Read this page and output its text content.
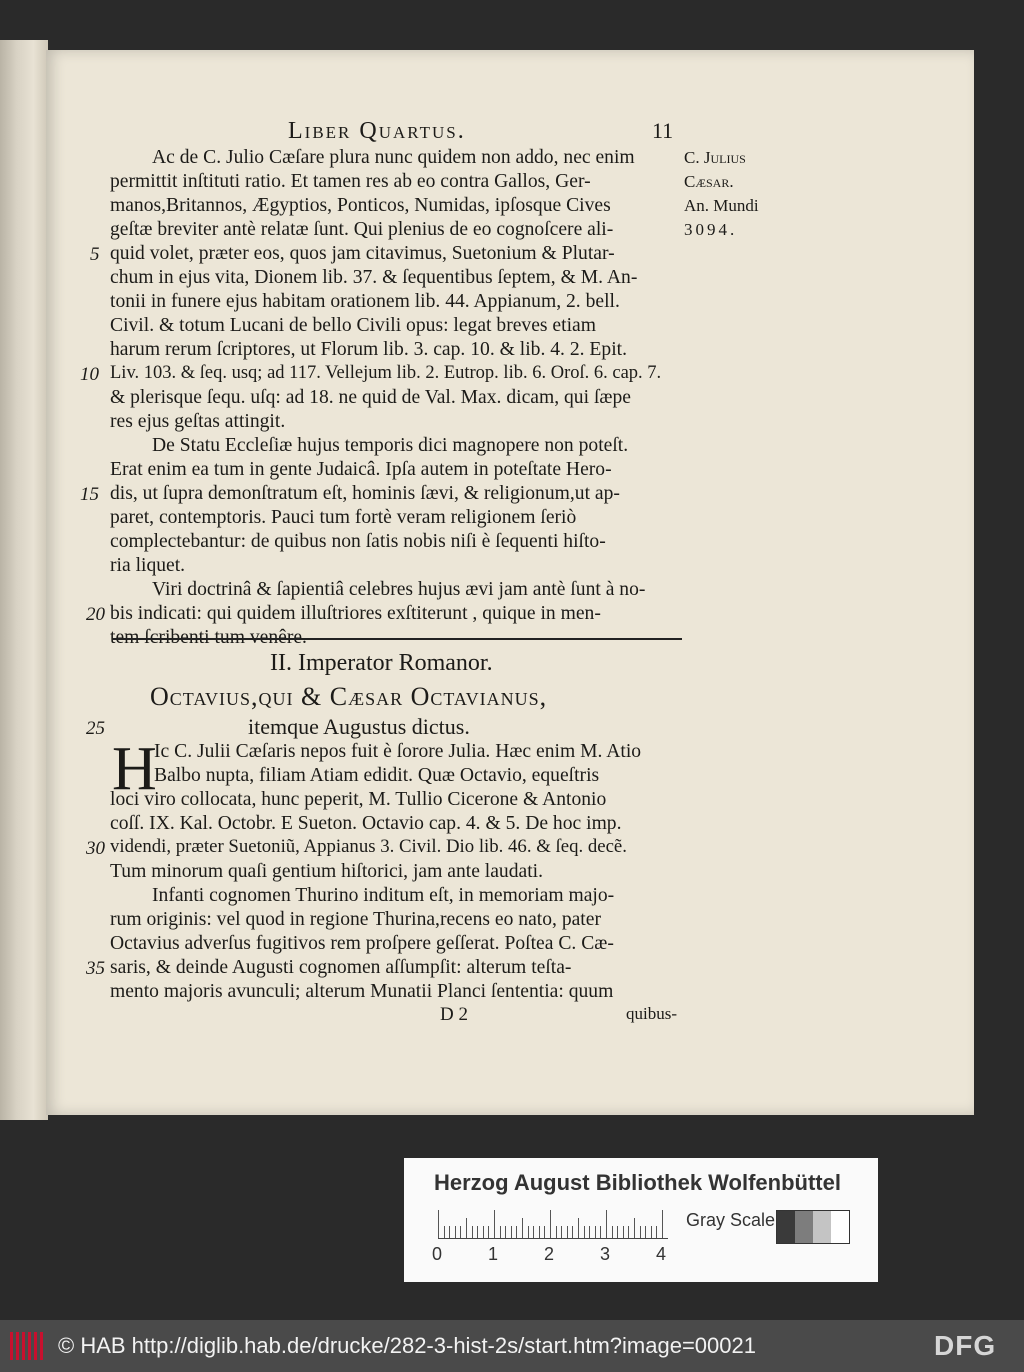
Liber Quartus.	11
C. Julius
Cæsar.
An. Mundi
3094.
Ac de C. Julio Cæſare plura nunc quidem non addo, nec enim
permittit inſtituti ratio. Et tamen res ab eo contra Gallos, Ger-
manos,Britannos, Ægyptios, Ponticos, Numidas, ipſosque Cives
geſtæ breviter antè relatæ ſunt. Qui plenius de eo cognoſcere ali-
quid volet, præter eos, quos jam citavimus, Suetonium & Plutar-
chum in ejus vita, Dionem lib. 37. & ſequentibus ſeptem, & M. An-
tonii in funere ejus habitam orationem lib. 44. Appianum, 2. bell.
Civil. & totum Lucani de bello Civili opus: legat breves etiam
harum rerum ſcriptores, ut Florum lib. 3. cap. 10. & lib. 4. 2. Epit.
Liv. 103. & ſeq. usq; ad 117. Vellejum lib. 2. Eutrop. lib. 6. Oroſ. 6. cap. 7.
& plerisque ſequ. uſq: ad 18. ne quid de Val. Max. dicam, qui ſæpe
res ejus geſtas attingit.
De Statu Eccleſiæ hujus temporis dici magnopere non poteſt.
Erat enim ea tum in gente Judaicâ. Ipſa autem in poteſtate Hero-
dis, ut ſupra demonſtratum eſt, hominis ſævi, & religionum,ut ap-
paret, contemptoris. Pauci tum fortè veram religionem ſeriò
complectebantur: de quibus non ſatis nobis niſi è ſequenti hiſto-
ria liquet.
Viri doctrinâ & ſapientiâ celebres hujus ævi jam antè ſunt à no-
bis indicati: qui quidem illuſtriores exſtiterunt , quique in men-
tem ſcribenti tum venêre.
5
10
15
20
25
30
35
II. Imperator Romanor.
Octavius,qui & Cæsar Octavianus,
itemque Augustus dictus.
H
Ic C. Julii Cæſaris nepos fuit è ſorore Julia. Hæc enim M. Atio
Balbo nupta, filiam Atiam edidit. Quæ Octavio, equeſtris
loci viro collocata, hunc peperit, M. Tullio Cicerone & Antonio
coſſ. IX. Kal. Octobr. E Sueton. Octavio cap. 4. & 5. De hoc imp.
videndi, præter Suetoniũ, Appianus 3. Civil. Dio lib. 46. & ſeq. decẽ.
Tum minorum quaſi gentium hiſtorici, jam ante laudati.
Infanti cognomen Thurino inditum eſt, in memoriam majo-
rum originis: vel quod in regione Thurina,recens eo nato, pater
Octavius adverſus fugitivos rem proſpere geſſerat. Poſtea C. Cæ-
saris, & deinde Augusti cognomen aſſumpſit: alterum teſta-
mento majoris avunculi; alterum Munatii Planci ſententia: quum
D 2	quibus-
Herzog August Bibliothek Wolfenbüttel
0	1	2	3	4
Gray Scale
© HAB http://diglib.hab.de/drucke/282-3-hist-2s/start.htm?image=00021	DFG
